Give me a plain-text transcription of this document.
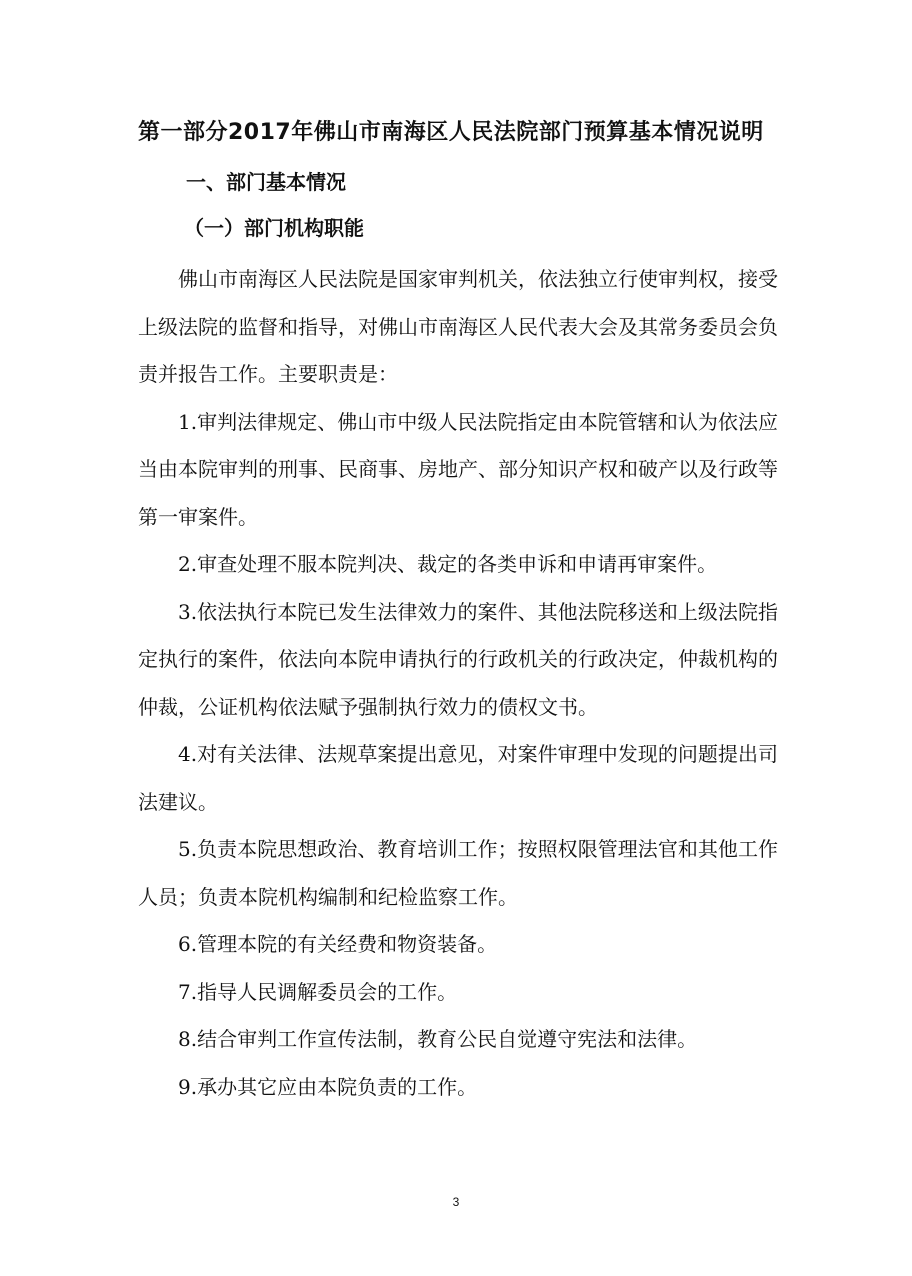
第一部分2017年佛山市南海区人民法院部门预算基本情况说明
一、部门基本情况
（一）部门机构职能

佛山市南海区人民法院是国家审判机关，依法独立行使审判权，接受上级法院的监督和指导，对佛山市南海区人民代表大会及其常务委员会负责并报告工作。主要职责是：

1.审判法律规定、佛山市中级人民法院指定由本院管辖和认为依法应当由本院审判的刑事、民商事、房地产、部分知识产权和破产以及行政等第一审案件。

2.审查处理不服本院判决、裁定的各类申诉和申请再审案件。

3.依法执行本院已发生法律效力的案件、其他法院移送和上级法院指定执行的案件，依法向本院申请执行的行政机关的行政决定，仲裁机构的仲裁，公证机构依法赋予强制执行效力的债权文书。

4.对有关法律、法规草案提出意见，对案件审理中发现的问题提出司法建议。

5.负责本院思想政治、教育培训工作；按照权限管理法官和其他工作人员；负责本院机构编制和纪检监察工作。

6.管理本院的有关经费和物资装备。

7.指导人民调解委员会的工作。

8.结合审判工作宣传法制，教育公民自觉遵守宪法和法律。

9.承办其它应由本院负责的工作。

3
